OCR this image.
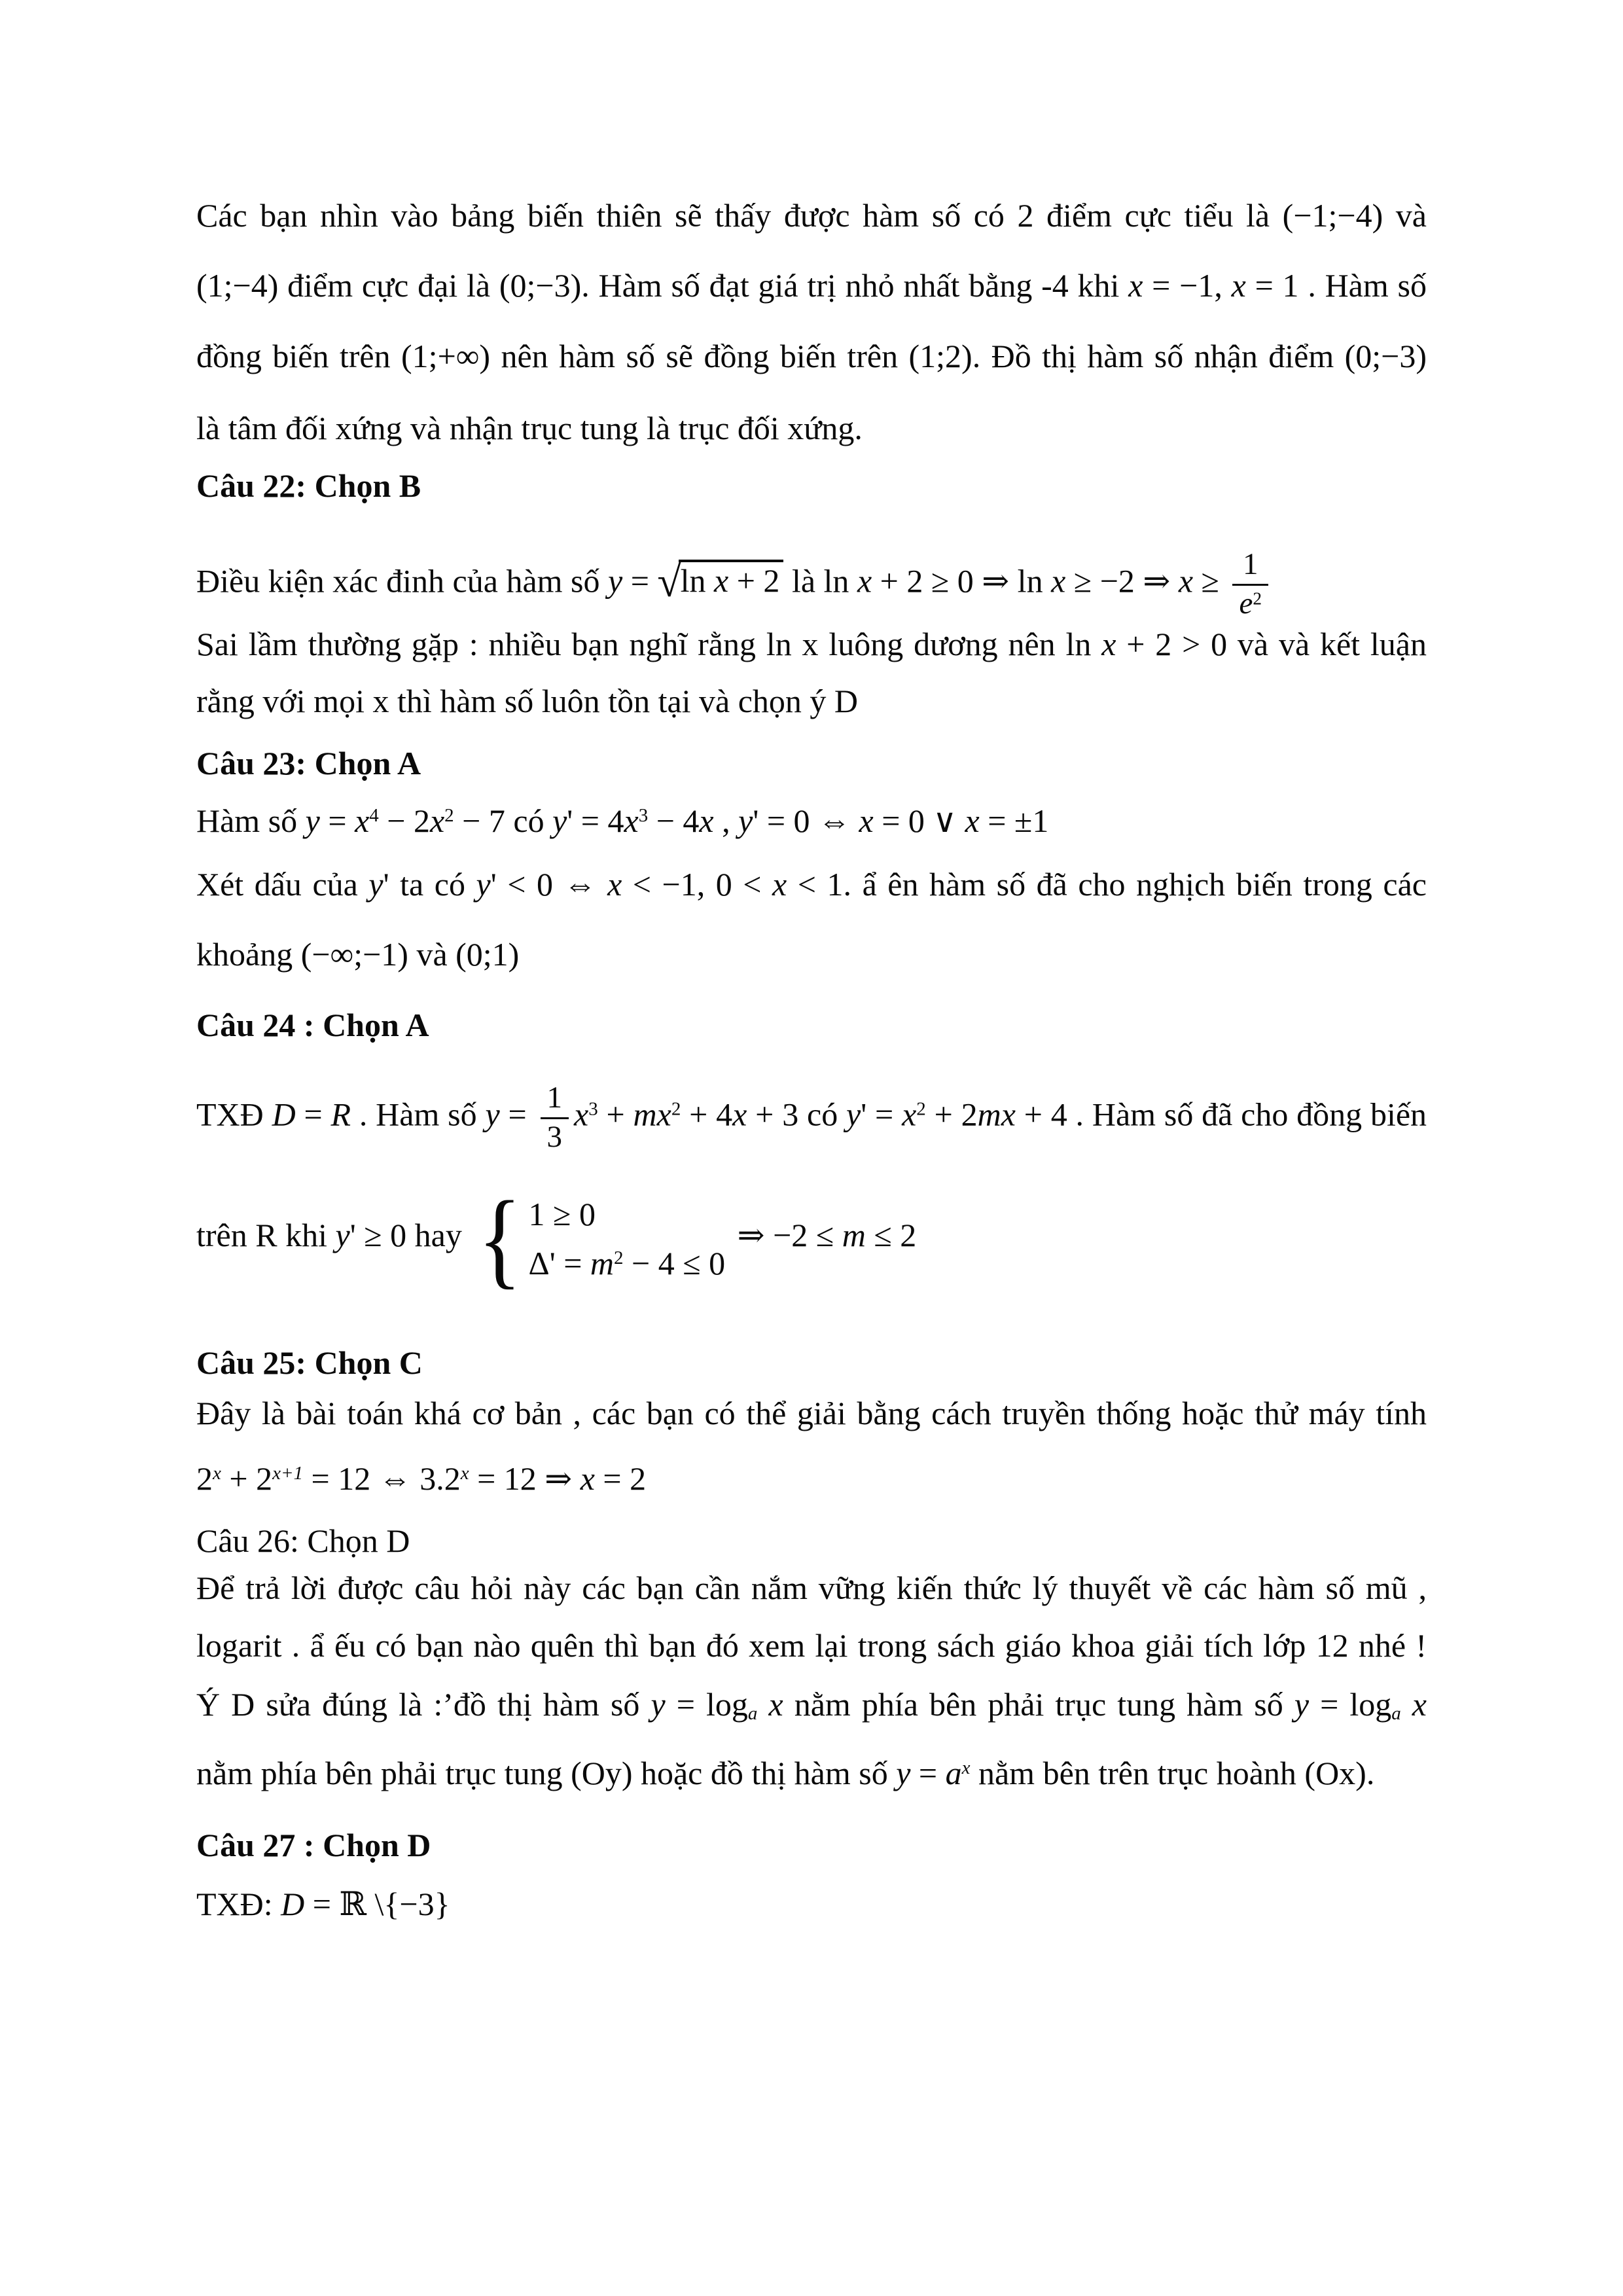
Các bạn nhìn vào bảng biến thiên sẽ thấy được hàm số có 2 điểm cực tiểu là (−1;−4) và
(1;−4) điểm cực đại là (0;−3). Hàm số đạt giá trị nhỏ nhất bằng -4 khi x = −1, x = 1 . Hàm số
đồng biến trên (1;+∞) nên hàm số sẽ đồng biến trên (1;2). Đồ thị hàm số nhận điểm (0;−3)
là tâm đối xứng và nhận trục tung là trục đối xứng.
Câu 22: Chọn B
Điều kiện xác đinh của hàm số y = √ln x + 2 là ln x + 2 ≥ 0 ⇒ ln x ≥ −2 ⇒ $x \ge \frac{1}{e^2}$
Sai lầm thường gặp : nhiều bạn nghĩ rằng ln x luông dương nên ln x + 2 > 0 và và kết luận
rằng với mọi x thì hàm số luôn tồn tại và chọn ý D
Câu 23: Chọn A
Hàm số $y = x^4 - 2x^2 - 7$ có $y' = 4x^3 - 4x$ , y' = 0 ⇔ x = 0 ∨ x = ±1
Xét dấu của y' ta có y' < 0 ⇔ x < −1, 0 < x < 1. ẩ ên hàm số đã cho nghịch biến trong các
khoảng (−∞;−1) và (0;1)
Câu 24 : Chọn A
TXĐ D = R . Hàm số $y = \frac{1}{3} x^3 + mx^2 + 4x + 3$ có $y' = x^2 + 2mx + 4$ . Hàm số đã cho đồng biến
trên R khi y' ≥ 0 hay { 1 ≥ 0
$\Delta' = m^2 - 4 \le 0$
⇒ −2 ≤ m ≤ 2
Câu 25: Chọn C
Đây là bài toán khá cơ bản , các bạn có thể giải bằng cách truyền thống hoặc thử máy tính
$2^x + 2^{x+1} = 12$ ⇔ $3.2^x = 12$ ⇒ x = 2
Câu 26: Chọn D
Để trả lời được câu hỏi này các bạn cần nắm vững kiến thức lý thuyết về các hàm số mũ ,
logarit . ẩ ếu có bạn nào quên thì bạn đó xem lại trong sách giáo khoa giải tích lớp 12 nhé !
Ý D sửa đúng là :’đồ thị hàm số $y = \log_a x$ nằm phía bên phải trục tung hàm số $y = \log_a x$
nằm phía bên phải trục tung (Oy) hoặc đồ thị hàm số $y = a^x$ nằm bên trên trục hoành (Ox).
Câu 27 : Chọn D
TXĐ: D = ℝ \{−3}
